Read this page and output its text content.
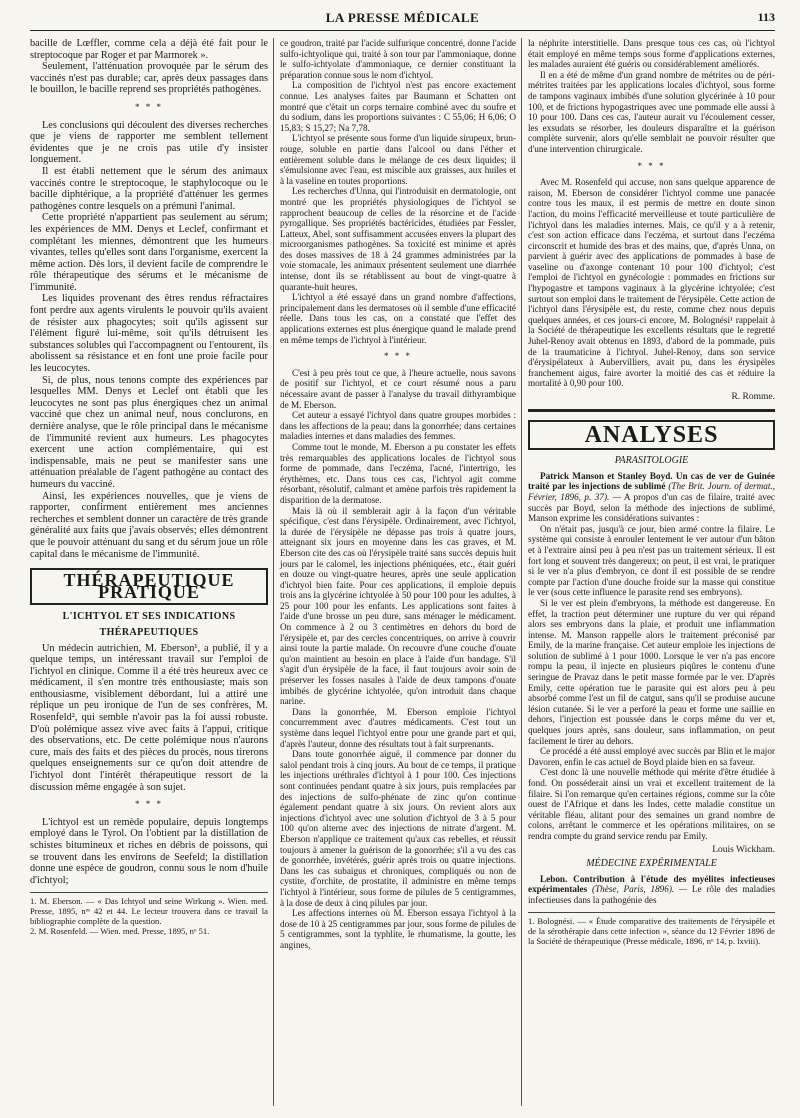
LA PRESSE MÉDICALE	113

bacille de Lœffler, comme cela a déjà été fait pour le streptocoque par Roger et par Marmorek ».

Seulement, l'atténuation provoquée par le sérum des vaccinés n'est pas durable; car, après deux passages dans le bouillon, le bacille reprend ses propriétés pathogènes.

* * *

Les conclusions qui découlent des diverses recherches que je viens de rapporter me semblent tellement évidentes que je ne crois pas utile d'y insister longuement.

Il est établi nettement que le sérum des animaux vaccinés contre le streptocoque, le staphylocoque ou le bacille diphtérique, a la propriété d'atténuer les germes pathogènes contre lesquels on a prémuni l'animal.

Cette propriété n'appartient pas seulement au sérum; les expériences de MM. Denys et Leclef, confirmant et complétant les miennes, démontrent que les humeurs vivantes, telles qu'elles sont dans l'organisme, exercent la même action. Dès lors, il devient facile de comprendre le rôle thérapeutique des sérums et le mécanisme de l'immunité.

Les liquides provenant des êtres rendus réfractaires font perdre aux agents virulents le pouvoir qu'ils avaient de résister aux phagocytes; soit qu'ils agissent sur l'élément figuré lui-même, soit qu'ils détruisent les substances solubles qui l'accompagnent ou l'entourent, ils abolissent sa résistance et en font une proie facile pour les leucocytes.

Si, de plus, nous tenons compte des expériences par lesquelles MM. Denys et Leclef ont établi que les leucocytes ne sont pas plus énergiques chez un animal vacciné que chez un animal neuf, nous conclurons, en dernière analyse, que le rôle principal dans le mécanisme de l'immunité revient aux humeurs. Les phagocytes exercent une action complémentaire, qui est indispensable, mais ne peut se manifester sans une atténuation préalable de l'agent pathogène au contact des humeurs du vacciné.

Ainsi, les expériences nouvelles, que je viens de rapporter, confirment entièrement mes anciennes recherches et semblent donner un caractère de très grande généralité aux faits que j'avais observés; elles démontrent que le pouvoir atténuant du sang et du sérum joue un rôle capital dans le mécanisme de l'immunité.

THÉRAPEUTIQUE PRATIQUE
L'ICHTYOL ET SES INDICATIONS
THÉRAPEUTIQUES

Un médecin autrichien, M. Eberson¹, a publié, il y a quelque temps, un intéressant travail sur l'emploi de l'ichtyol en clinique. Comme il a été très heureux avec ce médicament, il s'en montre très enthousiaste; mais son enthousiasme, visiblement débordant, lui a attiré une réplique un peu ironique de l'un de ses confrères, M. Rosenfeld², qui semble n'avoir pas la foi aussi robuste. D'où polémique assez vive avec faits à l'appui, critique des observations, etc. De cette polémique nous n'aurons cure, mais des faits et des pièces du procès, nous tirerons quelques enseignements sur ce qu'on doit attendre de l'ichtyol dont l'intérêt thérapeutique ressort de la discussion même engagée à son sujet.

* * *

L'ichtyol est un remède populaire, depuis longtemps employé dans le Tyrol. On l'obtient par la distillation de schistes bitumineux et riches en débris de poissons, qui se trouvent dans les environs de Seefeld; la distillation donne une espèce de goudron, connu sous le nom d'huile d'ichtyol;

1. M. Eberson. — « Das Ichtyol und seine Wirkung ». Wien. med. Presse, 1895, nᵒˢ 42 et 44. Le lecteur trouvera dans ce travail la bibliographie complète de la question.
2. M. Rosenfeld. — Wien. med. Presse, 1895, nᵒ 51.

ce goudron, traité par l'acide sulfurique concentré, donne l'acide sulfo-ichtyolique qui, traité à son tour par l'ammoniaque, donne le sulfo-ichtyolate d'ammoniaque, ce dernier constituant la préparation connue sous le nom d'ichtyol.

La composition de l'ichtyol n'est pas encore exactement connue. Les analyses faites par Baumann et Schatten ont montré que c'était un corps ternaire combiné avec du soufre et du sodium, dans les proportions suivantes : C 55,06; H 6,06; O 15,83; S 15,27; Na 7,78.

L'ichtyol se présente sous forme d'un liquide sirupeux, brun-rouge, soluble en partie dans l'alcool ou dans l'éther et entièrement soluble dans le mélange de ces deux liquides; il s'émulsionne avec l'eau, est miscible aux graisses, aux huiles et à la vaseline en toutes proportions.

Les recherches d'Unna, qui l'introduisit en dermatologie, ont montré que les propriétés physiologiques de l'ichtyol se rapprochent beaucoup de celles de la résorcine et de l'acide pyrogallique. Ses propriétés bactéricides, étudiées par Fessler, Latteux, Abel, sont suffisamment accusées envers la plupart des microorganismes pathogènes. Sa toxicité est minime et après des doses massives de 18 à 24 grammes administrées par la voie stomacale, les animaux présentent seulement une diarrhée intense, dont ils se rétablissent au bout de vingt-quatre à quarante-huit heures.

L'ichtyol a été essayé dans un grand nombre d'affections, principalement dans les dermatoses où il semble d'une efficacité réelle. Dans tous les cas, on a constaté que l'effet des applications externes est plus énergique quand le malade prend en même temps de l'ichtyol à l'intérieur.

* * *

C'est à peu près tout ce que, à l'heure actuelle, nous savons de positif sur l'ichtyol, et ce court résumé nous a paru nécessaire avant de passer à l'analyse du travail dithyrambique de M. Eberson.

Cet auteur a essayé l'ichtyol dans quatre groupes morbides : dans les affections de la peau; dans la gonorrhée; dans certaines maladies internes et dans maladies des femmes.

Comme tout le monde, M. Eberson a pu constater les effets très remarquables des applications locales de l'ichtyol sous forme de pommade, dans l'eczéma, l'acné, l'intertrigo, les érythèmes, etc. Dans tous ces cas, l'ichtyol agit comme résorbant, résolutif, calmant et amène parfois très rapidement la disparition de la dermatose.

Mais là où il semblerait agir à la façon d'un véritable spécifique, c'est dans l'érysipèle. Ordinairement, avec l'ichtyol, la durée de l'érysipèle ne dépasse pas trois à quatre jours, atteignant six jours en moyenne dans les cas graves, et M. Eberson cite des cas où l'érysipèle traité sans succès depuis huit jours par le calomel, les injections phéniquées, etc., était guéri en douze ou vingt-quatre heures, après une seule application d'ichtyol bien faite. Pour ces applications, il emploie depuis trois ans la glycérine ichtyolée à 50 pour 100 pour les adultes, à 25 pour 100 pour les enfants. Les applications sont faites à l'aide d'une brosse un peu dure, sans ménager le médicament. On commence à 2 ou 3 centimètres en dehors du bord de l'érysipèle et, par des cercles concentriques, on arrive à couvrir ainsi toute la partie malade. On recouvre d'une couche d'ouate qu'on maintient au besoin en place à l'aide d'un bandage. S'il s'agit d'un érysipèle de la face, il faut toujours avoir soin de préserver les fosses nasales à l'aide de deux tampons d'ouate imbibés de glycérine ichtyolée, qu'on introduit dans chaque narine.

Dans la gonorrhée, M. Eberson emploie l'ichtyol concurremment avec d'autres médicaments. C'est tout un système dans lequel l'ichtyol entre pour une grande part et qui, d'après l'auteur, donne des résultats tout à fait surprenants.

Dans toute gonorrhée aiguë, il commence par donner du salol pendant trois à cinq jours. Au bout de ce temps, il pratique les injections uréthrales d'ichtyol à 1 pour 100. Ces injections sont continuées pendant quatre à six jours, puis remplacées par des injections de sulfo-phénate de zinc qu'on continue également pendant quatre à six jours. On revient alors aux injections d'ichtyol avec une solution d'ichtyol de 3 à 5 pour 100 qu'on alterne avec des injections de nitrate d'argent. M. Eberson n'applique ce traitement qu'aux cas rebelles, et réussit toujours à amener la guérison de la gonorrhée; s'il a vu des cas de gonorrhée, invétérés, guérir après trois ou quatre injections. Dans les cas subaigus et chroniques, compliqués ou non de cystite, d'orchite, de prostatite, il administre en même temps l'ichtyol à l'intérieur, sous forme de pilules de 5 centigrammes, à la dose de deux à cinq pilules par jour.

Les affections internes où M. Eberson essaya l'ichtyol à la dose de 10 à 25 centigrammes par jour, sous forme de pilules de 5 centigrammes, sont la typhlite, le rhumatisme, la goutte, les angines,

la néphrite interstitielle. Dans presque tous ces cas, où l'ichtyol était employé en même temps sous forme d'applications externes, les malades auraient été guéris ou considérablement améliorés.

Il en a été de même d'un grand nombre de métrites ou de péri-métrites traitées par les applications locales d'ichtyol, sous forme de tampons vaginaux imbibés d'une solution glycérinée à 10 pour 100, et de frictions hypogastriques avec une pommade elle aussi à 10 pour 100. Dans ces cas, l'auteur aurait vu l'écoulement cesser, les exsudats se résorber, les douleurs disparaître et la guérison complète survenir, alors qu'elle semblait ne pouvoir résulter que d'une intervention chirurgicale.

* * *

Avec M. Rosenfeld qui accuse, non sans quelque apparence de raison, M. Eberson de considérer l'ichtyol comme une panacée contre tous les maux, il est permis de mettre en doute sinon l'action, du moins l'efficacité merveilleuse et toute particulière de l'ichtyol dans les maladies internes. Mais, ce qu'il y a à retenir, c'est son action efficace dans l'eczéma, et surtout dans l'eczéma circonscrit et humide des bras et des mains, que, d'après Unna, on parvient à guérir avec des applications de pommades à base de vaseline ou d'axonge contenant 10 pour 100 d'ichtyol; c'est l'emploi de l'ichtyol en gynécologie : pommades en frictions sur l'hypogastre et tampons vaginaux à la glycérine ichtyolée; c'est surtout son emploi dans le traitement de l'érysipèle. Cette action de l'ichtyol dans l'érysipèle est, du reste, comme chez nous depuis quelques années, et ces jours-ci encore, M. Bolognési¹ rappelait à la Société de thérapeutique les excellents résultats que le regretté Juhel-Renoy avait obtenus en 1893, d'abord de la pommade, puis de la traumaticine à l'ichtyol. Juhel-Renoy, dans son service d'érysipélateux à Aubervilliers, avait pu, dans les érysipèles franchement aigus, faire avorter la moitié des cas et réduire la mortalité à 0,90 pour 100.

R. Romme.
ANALYSES
PARASITOLOGIE

Patrick Manson et Stanley Boyd. Un cas de ver de Guinée traité par les injections de sublimé (The Brit. Journ. of dermat., Février, 1896, p. 37). — A propos d'un cas de filaire, traité avec succès par Boyd, selon la méthode des injections de sublimé, Manson exprime les considérations suivantes :

On n'était pas, jusqu'à ce jour, bien armé contre la filaire. Le système qui consiste à enrouler lentement le ver autour d'un bâton et à l'extraire ainsi peu à peu n'est pas un traitement sérieux. Il est fort long et souvent très dangereux; on peut, il est vrai, le pratiquer si le ver n'a plus d'embryon, ce dont il est possible de se rendre compte par l'action d'une douche froide sur la masse qui constitue le ver (sous cette influence le parasite rend ses embryons).

Si le ver est plein d'embryons, la méthode est dangereuse. En effet, la traction peut déterminer une rupture du ver qui répand alors ses embryons dans la plaie, et produit une inflammation intense. M. Manson rappelle alors le traitement préconisé par Emily, de la marine française. Cet auteur emploie les injections de solution de sublimé à 1 pour 1000. Lorsque le ver n'a pas encore rompu la peau, il injecte en plusieurs piqûres le contenu d'une seringue de Pravaz dans le petit masse formée par le ver. D'après Emily, cette opération tue le parasite qui est alors peu à peu absorbé comme l'est un fil de catgut, sans qu'il se produise aucune lésion cutanée. Si le ver a perforé la peau et forme une saillie en dehors, l'injection est poussée dans le corps même du ver et, quelques jours après, sans douleur, sans inflammation, on peut facilement le tirer au dehors.

Ce procédé a été aussi employé avec succès par Blin et le major Davoren, enfin le cas actuel de Boyd plaide bien en sa faveur.

C'est donc là une nouvelle méthode qui mérite d'être étudiée à fond. On posséderait ainsi un vrai et excellent traitement de la filaire. Si l'on remarque qu'en certaines régions, comme sur la côte ouest de l'Afrique et dans les Indes, cette maladie constitue un véritable fléau, alitant pour des semaines un grand nombre de colons, arrêtant le commerce et les opérations militaires, on se rendra compte du grand service rendu par Emily.

Louis Wickham.
MÉDECINE EXPÉRIMENTALE

Lebon. Contribution à l'étude des myélites infectieuses expérimentales (Thèse, Paris, 1896). — Le rôle des maladies infectieuses dans la pathogénie des

1. Bolognési. — « Étude comparative des traitements de l'érysipèle et de la sérothérapie dans cette infection », séance du 12 Février 1896 de la Société de thérapeutique (Presse médicale, 1896, nᵒ 14, p. lxviii).
